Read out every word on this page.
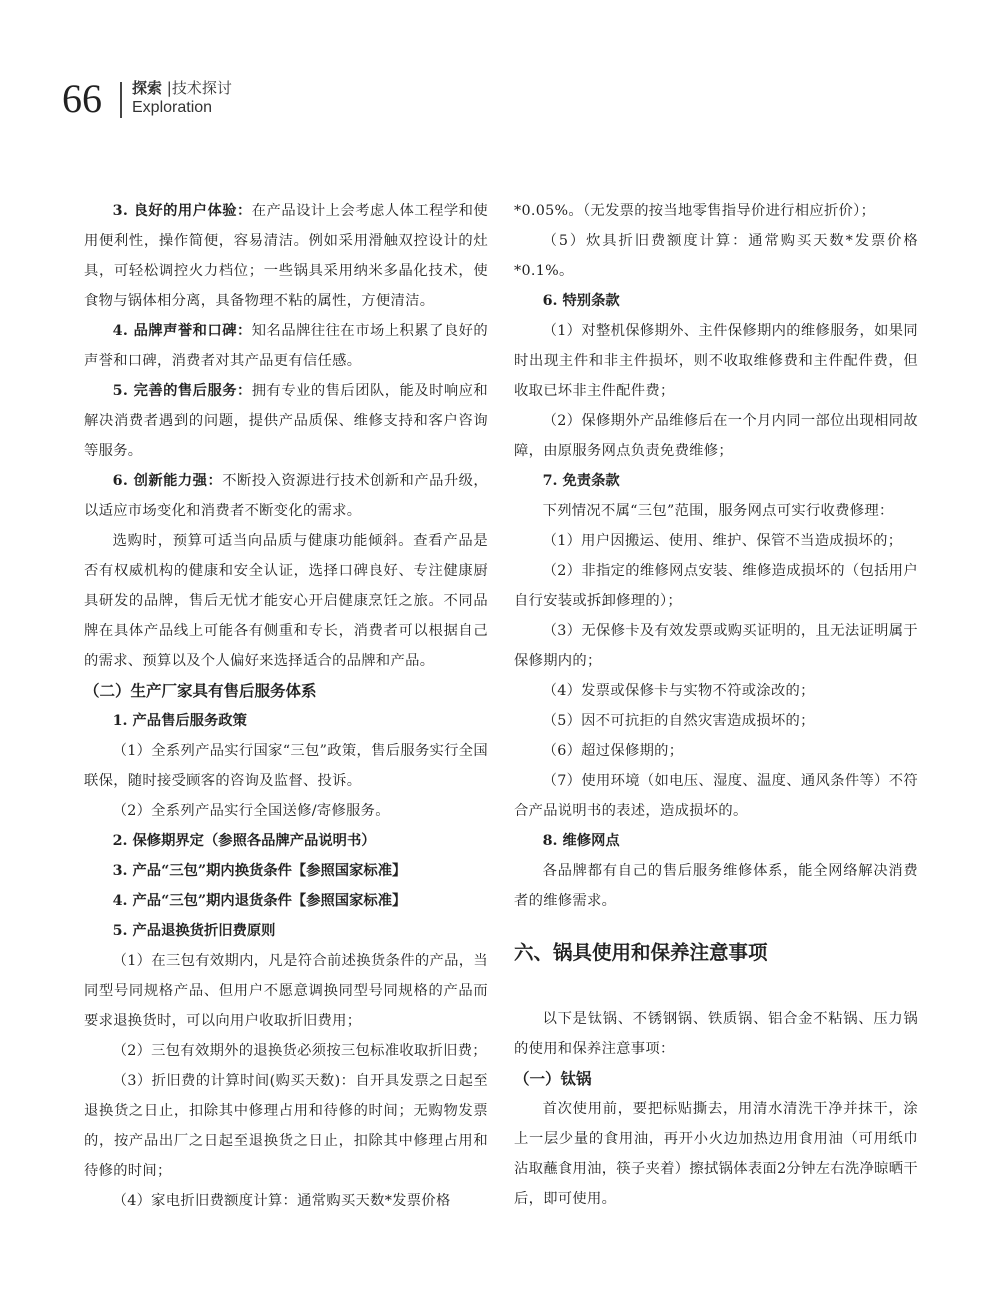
66 探索 |技术探讨
Exploration
3. 良好的用户体验：在产品设计上会考虑人体工程学和使用便利性，操作简便，容易清洁。例如采用滑触双控设计的灶具，可轻松调控火力档位；一些锅具采用纳米多晶化技术，使食物与锅体相分离，具备物理不粘的属性，方便清洁。
4. 品牌声誉和口碑：知名品牌往往在市场上积累了良好的声誉和口碑，消费者对其产品更有信任感。
5. 完善的售后服务：拥有专业的售后团队，能及时响应和解决消费者遇到的问题，提供产品质保、维修支持和客户咨询等服务。
6. 创新能力强：不断投入资源进行技术创新和产品升级，以适应市场变化和消费者不断变化的需求。
选购时，预算可适当向品质与健康功能倾斜。查看产品是否有权威机构的健康和安全认证，选择口碑良好、专注健康厨具研发的品牌，售后无忧才能安心开启健康烹饪之旅。不同品牌在具体产品线上可能各有侧重和专长，消费者可以根据自己的需求、预算以及个人偏好来选择适合的品牌和产品。
（二）生产厂家具有售后服务体系
1. 产品售后服务政策
（1）全系列产品实行国家“三包”政策，售后服务实行全国联保，随时接受顾客的咨询及监督、投诉。
（2）全系列产品实行全国送修/寄修服务。
2. 保修期界定（参照各品牌产品说明书）
3. 产品“三包”期内换货条件【参照国家标准】
4. 产品“三包”期内退货条件【参照国家标准】
5. 产品退换货折旧费原则
（1）在三包有效期内，凡是符合前述换货条件的产品，当同型号同规格产品、但用户不愿意调换同型号同规格的产品而要求退换货时，可以向用户收取折旧费用；
（2）三包有效期外的退换货必须按三包标准收取折旧费；
（3）折旧费的计算时间(购买天数)：自开具发票之日起至退换货之日止，扣除其中修理占用和待修的时间；无购物发票的，按产品出厂之日起至退换货之日止，扣除其中修理占用和待修的时间；
（4）家电折旧费额度计算：通常购买天数*发票价格
*0.05%。（无发票的按当地零售指导价进行相应折价）；
（5）炊具折旧费额度计算：通常购买天数*发票价格*0.1%。
6. 特别条款
（1）对整机保修期外、主件保修期内的维修服务，如果同时出现主件和非主件损坏，则不收取维修费和主件配件费，但收取已坏非主件配件费；
（2）保修期外产品维修后在一个月内同一部位出现相同故障，由原服务网点负责免费维修；
7. 免责条款
下列情况不属“三包”范围，服务网点可实行收费修理：
（1）用户因搬运、使用、维护、保管不当造成损坏的；
（2）非指定的维修网点安装、维修造成损坏的（包括用户自行安装或拆卸修理的）；
（3）无保修卡及有效发票或购买证明的，且无法证明属于保修期内的；
（4）发票或保修卡与实物不符或涂改的；
（5）因不可抗拒的自然灾害造成损坏的；
（6）超过保修期的；
（7）使用环境（如电压、湿度、温度、通风条件等）不符合产品说明书的表述，造成损坏的。
8. 维修网点
各品牌都有自己的售后服务维修体系，能全网络解决消费者的维修需求。
六、锅具使用和保养注意事项
以下是钛锅、不锈钢锅、铁质锅、铝合金不粘锅、压力锅的使用和保养注意事项：
（一）钛锅
首次使用前，要把标贴撕去，用清水清洗干净并抹干，涂上一层少量的食用油，再开小火边加热边用食用油（可用纸巾沾取蘸食用油，筷子夹着）擦拭锅体表面2分钟左右洗净晾晒干后，即可使用。
